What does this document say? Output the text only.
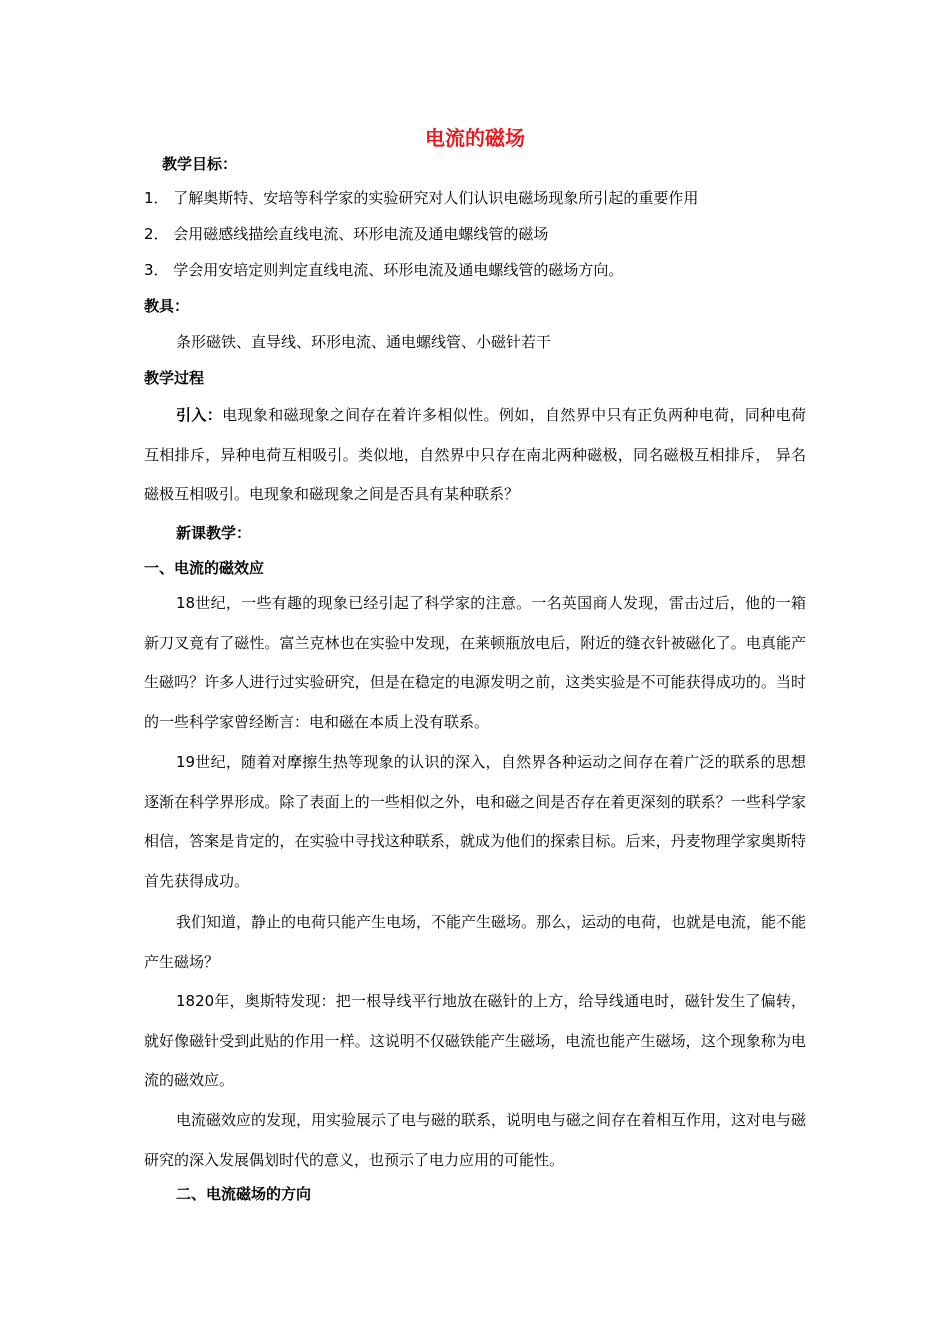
电流的磁场
教学目标：
1． 了解奥斯特、安培等科学家的实验研究对人们认识电磁场现象所引起的重要作用
2． 会用磁感线描绘直线电流、环形电流及通电螺线管的磁场
3． 学会用安培定则判定直线电流、环形电流及通电螺线管的磁场方向。
教具：
条形磁铁、直导线、环形电流、通电螺线管、小磁针若干
教学过程
引入：电现象和磁现象之间存在着许多相似性。例如，自然界中只有正负两种电荷，同种电荷互相排斥，异种电荷互相吸引。类似地，自然界中只存在南北两种磁极，同名磁极互相排斥， 异名磁极互相吸引。电现象和磁现象之间是否具有某种联系？
新课教学：
一、电流的磁效应
18世纪，一些有趣的现象已经引起了科学家的注意。一名英国商人发现，雷击过后，他的一箱新刀叉竟有了磁性。富兰克林也在实验中发现，在莱顿瓶放电后，附近的缝衣针被磁化了。电真能产生磁吗？许多人进行过实验研究，但是在稳定的电源发明之前，这类实验是不可能获得成功的。当时的一些科学家曾经断言：电和磁在本质上没有联系。
19世纪，随着对摩擦生热等现象的认识的深入，自然界各种运动之间存在着广泛的联系的思想逐渐在科学界形成。除了表面上的一些相似之外，电和磁之间是否存在着更深刻的联系？一些科学家相信，答案是肯定的，在实验中寻找这种联系，就成为他们的探索目标。后来，丹麦物理学家奥斯特首先获得成功。
我们知道，静止的电荷只能产生电场，不能产生磁场。那么，运动的电荷，也就是电流，能不能产生磁场？
1820年，奥斯特发现：把一根导线平行地放在磁针的上方，给导线通电时，磁针发生了偏转，就好像磁针受到此贴的作用一样。这说明不仅磁铁能产生磁场，电流也能产生磁场，这个现象称为电流的磁效应。
电流磁效应的发现，用实验展示了电与磁的联系，说明电与磁之间存在着相互作用，这对电与磁研究的深入发展偶划时代的意义，也预示了电力应用的可能性。
二、电流磁场的方向
